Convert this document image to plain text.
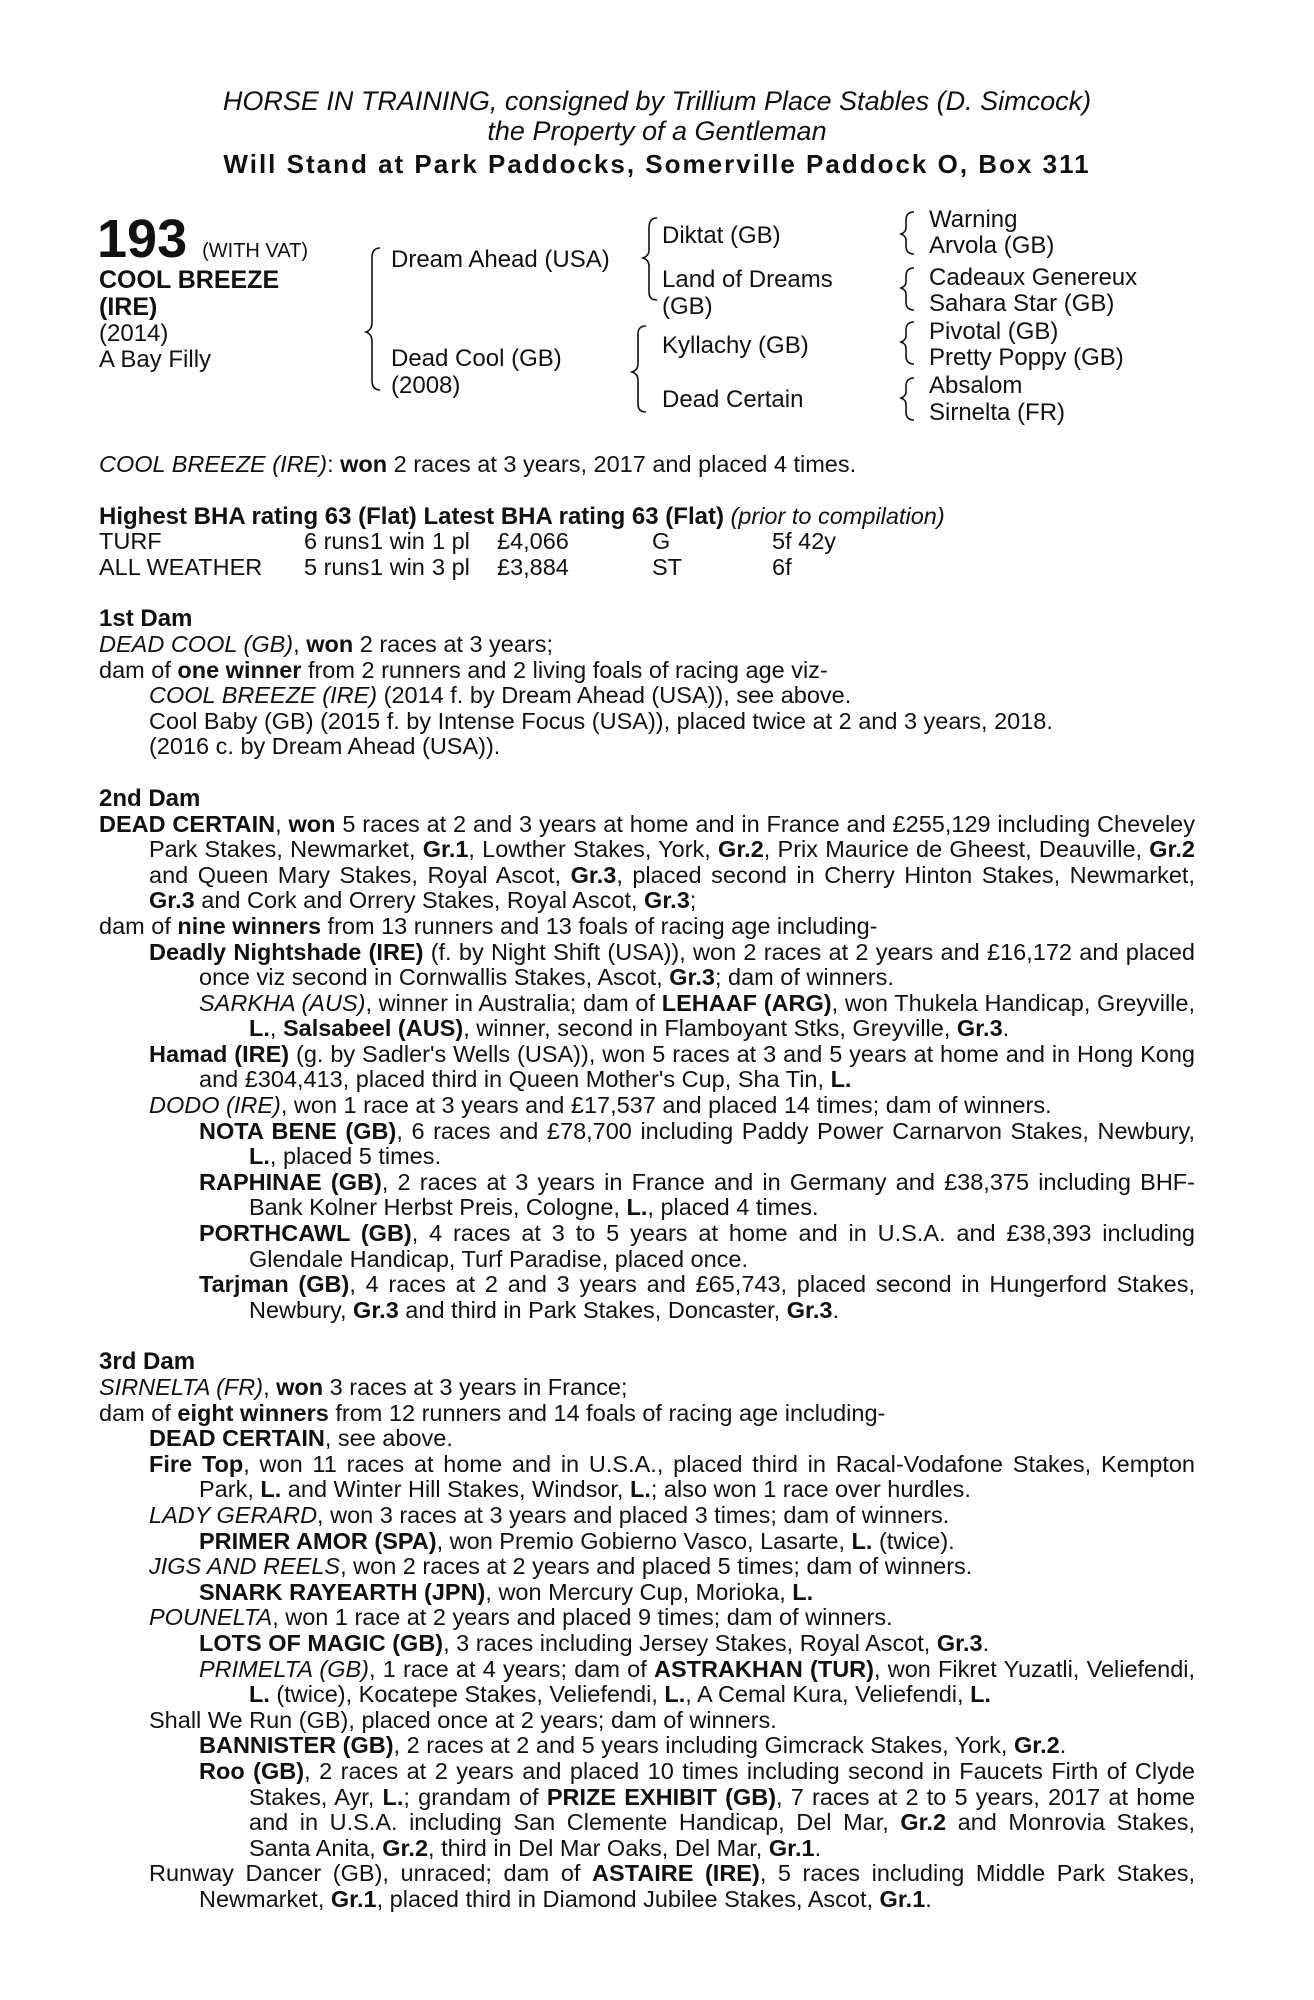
HORSE IN TRAINING, consigned by Trillium Place Stables (D. Simcock)
the Property of a Gentleman
Will Stand at Park Paddocks, Somerville Paddock O, Box 311
193 (WITH VAT)
COOL BREEZE
(IRE)
(2014)
A Bay Filly
Dream Ahead (USA)
Dead Cool (GB)
(2008)
Diktat (GB)
Land of Dreams
(GB)
Kyllachy (GB)
Dead Certain
Warning
Arvola (GB)
Cadeaux Genereux
Sahara Star (GB)
Pivotal (GB)
Pretty Poppy (GB)
Absalom
Sirnelta (FR)

COOL BREEZE (IRE): won 2 races at 3 years, 2017 and placed 4 times.

Highest BHA rating 63 (Flat) Latest BHA rating 63 (Flat) (prior to compilation)

TURF	6 runs	1 win	1 pl	£4,066	G	5f 42y
ALL WEATHER	5 runs	1 win	3 pl	£3,884	ST	6f

1st Dam

DEAD COOL (GB), won 2 races at 3 years;

dam of one winner from 2 runners and 2 living foals of racing age viz-

COOL BREEZE (IRE) (2014 f. by Dream Ahead (USA)), see above.

Cool Baby (GB) (2015 f. by Intense Focus (USA)), placed twice at 2 and 3 years, 2018.

(2016 c. by Dream Ahead (USA)).

2nd Dam

DEAD CERTAIN, won 5 races at 2 and 3 years at home and in France and £255,129 including Cheveley Park Stakes, Newmarket, Gr.1, Lowther Stakes, York, Gr.2, Prix Maurice de Gheest, Deauville, Gr.2 and Queen Mary Stakes, Royal Ascot, Gr.3, placed second in Cherry Hinton Stakes, Newmarket, Gr.3 and Cork and Orrery Stakes, Royal Ascot, Gr.3;

dam of nine winners from 13 runners and 13 foals of racing age including-

Deadly Nightshade (IRE) (f. by Night Shift (USA)), won 2 races at 2 years and £16,172 and placed once viz second in Cornwallis Stakes, Ascot, Gr.3; dam of winners.

SARKHA (AUS), winner in Australia; dam of LEHAAF (ARG), won Thukela Handicap, Greyville, L., Salsabeel (AUS), winner, second in Flamboyant Stks, Greyville, Gr.3.

Hamad (IRE) (g. by Sadler's Wells (USA)), won 5 races at 3 and 5 years at home and in Hong Kong and £304,413, placed third in Queen Mother's Cup, Sha Tin, L.

DODO (IRE), won 1 race at 3 years and £17,537 and placed 14 times; dam of winners.

NOTA BENE (GB), 6 races and £78,700 including Paddy Power Carnarvon Stakes, Newbury, L., placed 5 times.

RAPHINAE (GB), 2 races at 3 years in France and in Germany and £38,375 including BHF-Bank Kolner Herbst Preis, Cologne, L., placed 4 times.

PORTHCAWL (GB), 4 races at 3 to 5 years at home and in U.S.A. and £38,393 including Glendale Handicap, Turf Paradise, placed once.

Tarjman (GB), 4 races at 2 and 3 years and £65,743, placed second in Hungerford Stakes, Newbury, Gr.3 and third in Park Stakes, Doncaster, Gr.3.

3rd Dam

SIRNELTA (FR), won 3 races at 3 years in France;

dam of eight winners from 12 runners and 14 foals of racing age including-

DEAD CERTAIN, see above.

Fire Top, won 11 races at home and in U.S.A., placed third in Racal-Vodafone Stakes, Kempton Park, L. and Winter Hill Stakes, Windsor, L.; also won 1 race over hurdles.

LADY GERARD, won 3 races at 3 years and placed 3 times; dam of winners.

PRIMER AMOR (SPA), won Premio Gobierno Vasco, Lasarte, L. (twice).

JIGS AND REELS, won 2 races at 2 years and placed 5 times; dam of winners.

SNARK RAYEARTH (JPN), won Mercury Cup, Morioka, L.

POUNELTA, won 1 race at 2 years and placed 9 times; dam of winners.

LOTS OF MAGIC (GB), 3 races including Jersey Stakes, Royal Ascot, Gr.3.

PRIMELTA (GB), 1 race at 4 years; dam of ASTRAKHAN (TUR), won Fikret Yuzatli, Veliefendi, L. (twice), Kocatepe Stakes, Veliefendi, L., A Cemal Kura, Veliefendi, L.

Shall We Run (GB), placed once at 2 years; dam of winners.

BANNISTER (GB), 2 races at 2 and 5 years including Gimcrack Stakes, York, Gr.2.

Roo (GB), 2 races at 2 years and placed 10 times including second in Faucets Firth of Clyde Stakes, Ayr, L.; grandam of PRIZE EXHIBIT (GB), 7 races at 2 to 5 years, 2017 at home and in U.S.A. including San Clemente Handicap, Del Mar, Gr.2 and Monrovia Stakes, Santa Anita, Gr.2, third in Del Mar Oaks, Del Mar, Gr.1.

Runway Dancer (GB), unraced; dam of ASTAIRE (IRE), 5 races including Middle Park Stakes, Newmarket, Gr.1, placed third in Diamond Jubilee Stakes, Ascot, Gr.1.
